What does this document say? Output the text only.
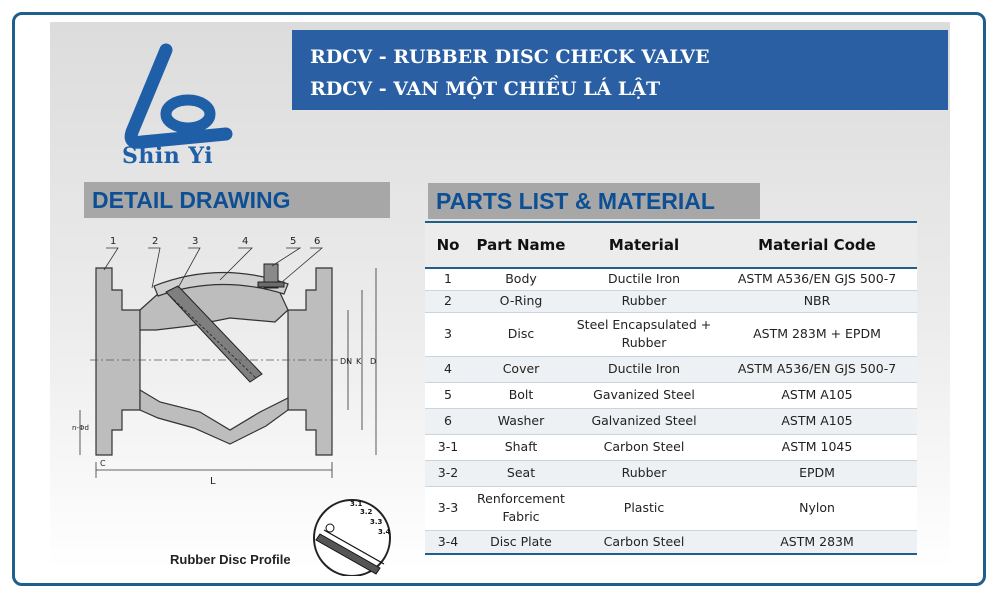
Shin Yi
RDCV - RUBBER DISC CHECK VALVE
RDCV - VAN MỘT CHIỀU LÁ LẬT
DETAIL DRAWING	PARTS LIST & MATERIAL
1	2	3	4	5 6
L
DN K D
n-Φd
C
3.1
3.2
3.3
3.4
Rubber Disc Profile
No	Part Name	Material	Material Code
1	Body	Ductile Iron	ASTM A536/EN GJS 500-7
2	O-Ring	Rubber	NBR
3	Disc	Steel Encapsulated + Rubber	ASTM 283M + EPDM
4	Cover	Ductile Iron	ASTM A536/EN GJS 500-7
5	Bolt	Gavanized Steel	ASTM A105
6	Washer	Galvanized Steel	ASTM A105
3-1	Shaft	Carbon Steel	ASTM 1045
3-2	Seat	Rubber	EPDM
3-3	Renforcement Fabric	Plastic	Nylon
3-4	Disc Plate	Carbon Steel	ASTM 283M
